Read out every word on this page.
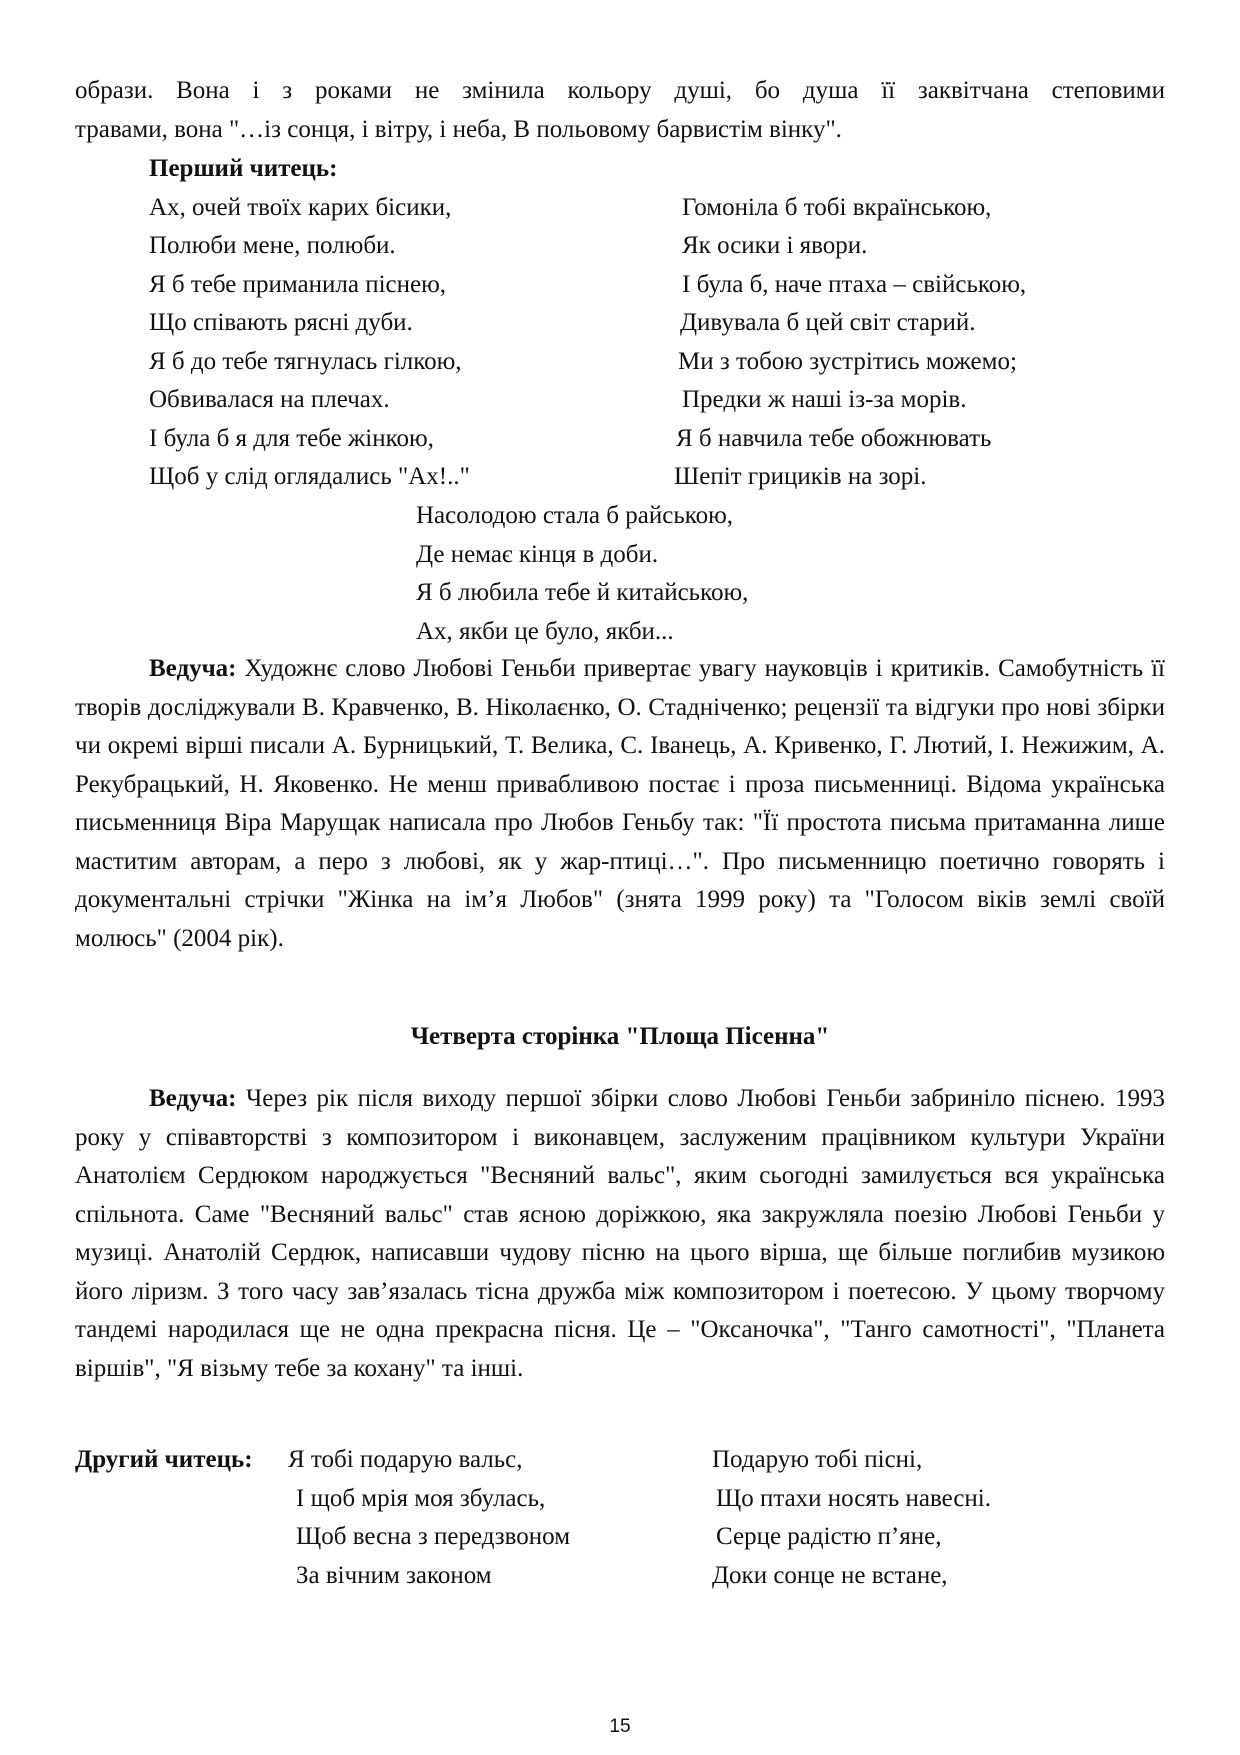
образи. Вона і з роками не змінила кольору душі, бо душа її заквітчана степовими
травами, вона "…із сонця, і вітру, і неба, В польовому барвистім вінку".
Перший читець:
Ах, очей твоїх карих бісики,
Полюби мене, полюби.
Я б тебе приманила піснею,
Що співають рясні дуби.
Я б до тебе тягнулась гілкою,
Обвивалася на плечах.
І була б я для тебе жінкою,
Щоб у слід оглядались "Ах!.."
Гомоніла б тобі вкраїнською,
Як осики і явори.
І була б, наче птаха – свійською,
Дивувала б цей світ старий.
Ми з тобою зустрітись можемо;
Предки ж наші із-за морів.
Я б навчила тебе обожнювать
Шепіт грициків на зорі.
Насолодою стала б райською,
Де немає кінця в доби.
Я б любила тебе й китайською,
Ах, якби це було, якби...

Ведуча: Художнє слово Любові Геньби привертає увагу науковців і критиків. Самобутність її творів досліджували В. Кравченко, В. Ніколаєнко, О. Стадніченко; рецензії та відгуки про нові збірки чи окремі вірші писали А. Бурницький, Т. Велика, С. Іванець, А. Кривенко, Г. Лютий, І. Нежижим, А. Рекубрацький, Н. Яковенко. Не менш привабливою постає і проза письменниці. Відома українська письменниця Віра Марущак написала про Любов Геньбу так: "Її простота письма притаманна лише маститим авторам, а перо з любові, як у жар-птиці…". Про письменницю поетично говорять і документальні стрічки "Жінка на ім’я Любов" (знята 1999 року) та "Голосом віків землі своїй молюсь" (2004 рік).

Четверта сторінка "Площа Пісенна"

Ведуча: Через рік після виходу першої збірки слово Любові Геньби забриніло піснею. 1993 року у співавторстві з композитором і виконавцем, заслуженим працівником культури України Анатолієм Сердюком народжується "Весняний вальс", яким сьогодні замилується вся українська спільнота. Саме "Весняний вальс" став ясною доріжкою, яка закружляла поезію Любові Геньби у музиці. Анатолій Сердюк, написавши чудову пісню на цього вірша, ще більше поглибив музикою його ліризм. З того часу зав’язалась тісна дружба між композитором і поетесою. У цьому творчому тандемі народилася ще не одна прекрасна пісня. Це – "Оксаночка", "Танго самотності", "Планета віршів", "Я візьму тебе за кохану" та інші.

Другий читець: Я тобі подарую вальс,
І щоб мрія моя збулась,
Щоб весна з передзвоном
За вічним законом
Подарую тобі пісні,
Що птахи носять навесні.
Серце радістю п’яне,
Доки сонце не встане,
15
